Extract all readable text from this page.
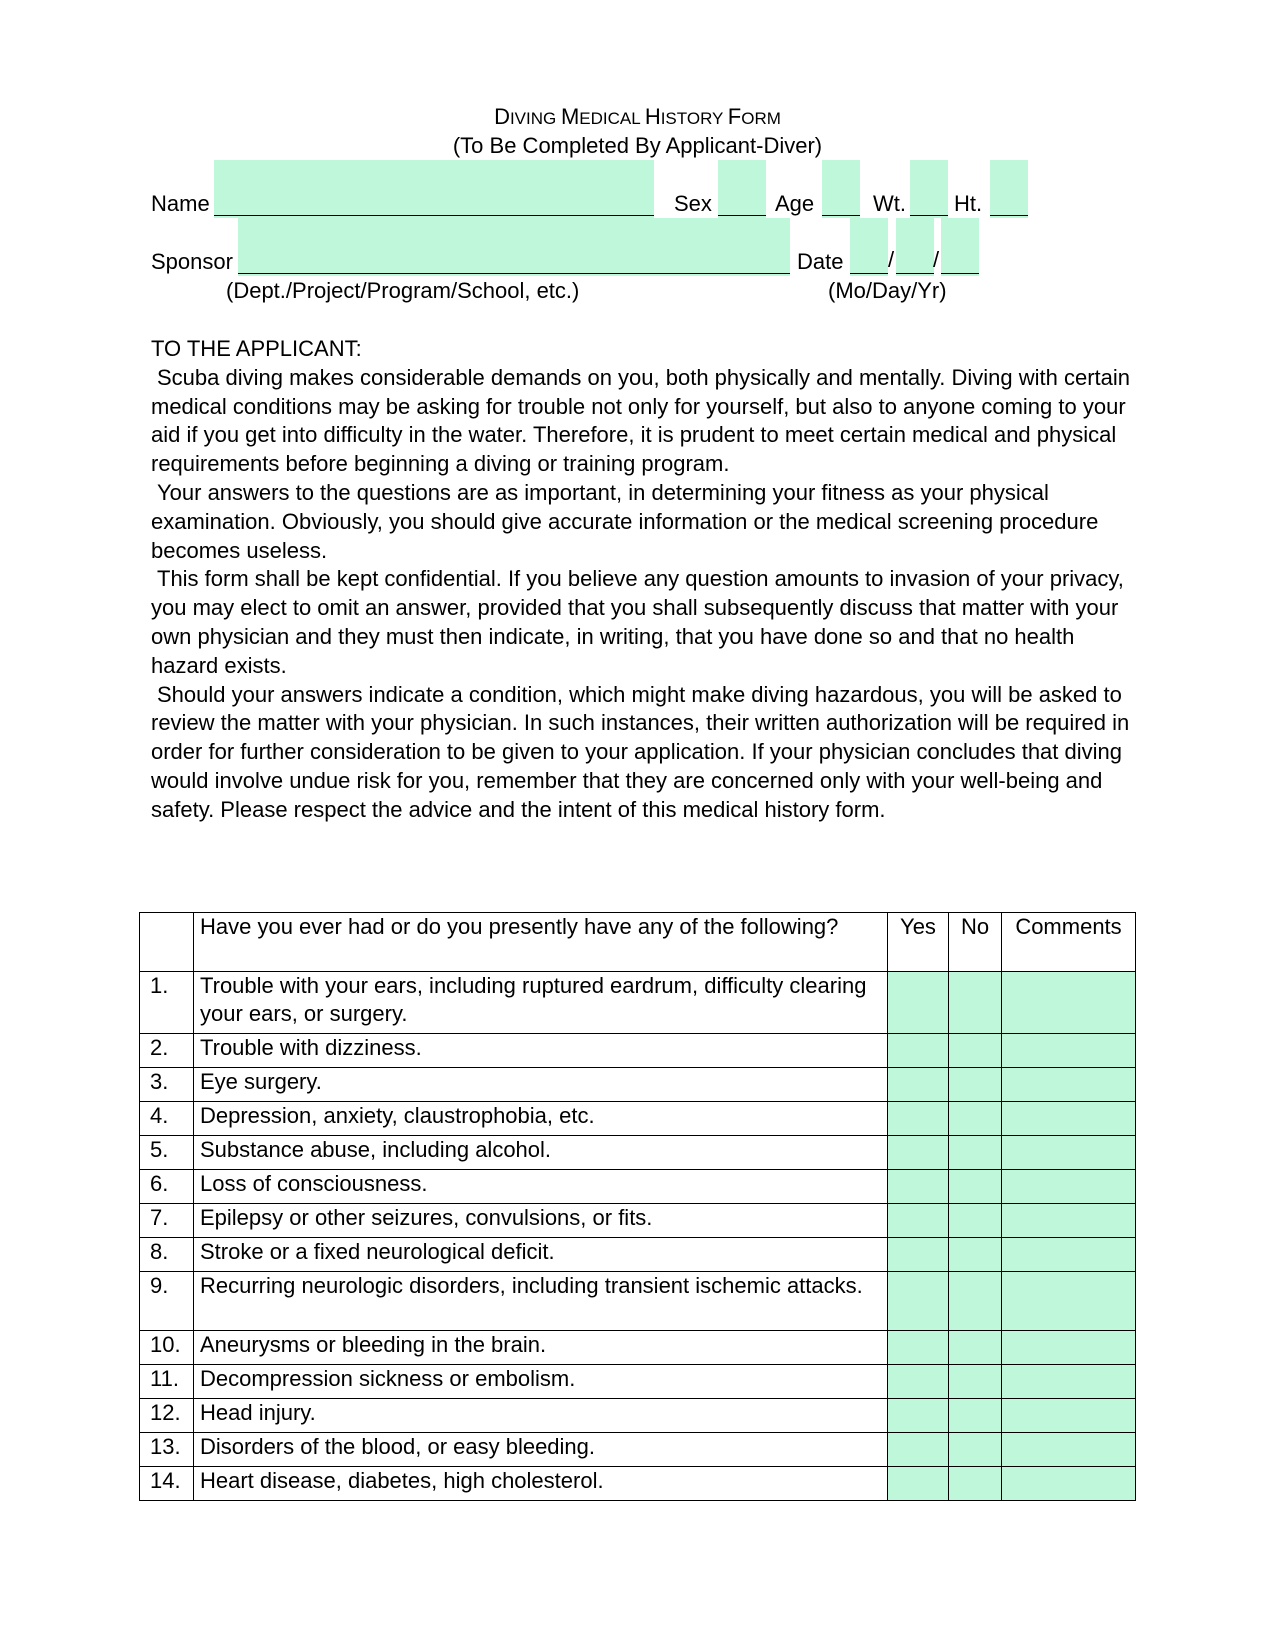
DIVING MEDICAL HISTORY FORM
(To Be Completed By Applicant-Diver)
Name	Sex	Age	Wt. Ht.
Sponsor	Date / /
(Dept./Project/Program/School, etc.)	(Mo/Day/Yr)

TO THE APPLICANT:

Scuba diving makes considerable demands on you, both physically and mentally. Diving with certain medical conditions may be asking for trouble not only for yourself, but also to anyone coming to your aid if you get into difficulty in the water. Therefore, it is prudent to meet certain medical and physical requirements before beginning a diving or training program.

Your answers to the questions are as important, in determining your fitness as your physical examination. Obviously, you should give accurate information or the medical screening procedure becomes useless.

This form shall be kept confidential. If you believe any question amounts to invasion of your privacy, you may elect to omit an answer, provided that you shall subsequently discuss that matter with your own physician and they must then indicate, in writing, that you have done so and that no health hazard exists.

Should your answers indicate a condition, which might make diving hazardous, you will be asked to review the matter with your physician. In such instances, their written authorization will be required in order for further consideration to be given to your application. If your physician concludes that diving would involve undue risk for you, remember that they are concerned only with your well-being and safety. Please respect the advice and the intent of this medical history form.

	Have you ever had or do you presently have any of the following?	Yes	No	Comments
1.	Trouble with your ears, including ruptured eardrum, difficulty clearing your ears, or surgery.			
2.	Trouble with dizziness.			
3.	Eye surgery.			
4.	Depression, anxiety, claustrophobia, etc.			
5.	Substance abuse, including alcohol.			
6.	Loss of consciousness.			
7.	Epilepsy or other seizures, convulsions, or fits.			
8.	Stroke or a fixed neurological deficit.			
9.	Recurring neurologic disorders, including transient ischemic attacks.			
10.	Aneurysms or bleeding in the brain.			
11.	Decompression sickness or embolism.			
12.	Head injury.			
13.	Disorders of the blood, or easy bleeding.			
14.	Heart disease, diabetes, high cholesterol.			
